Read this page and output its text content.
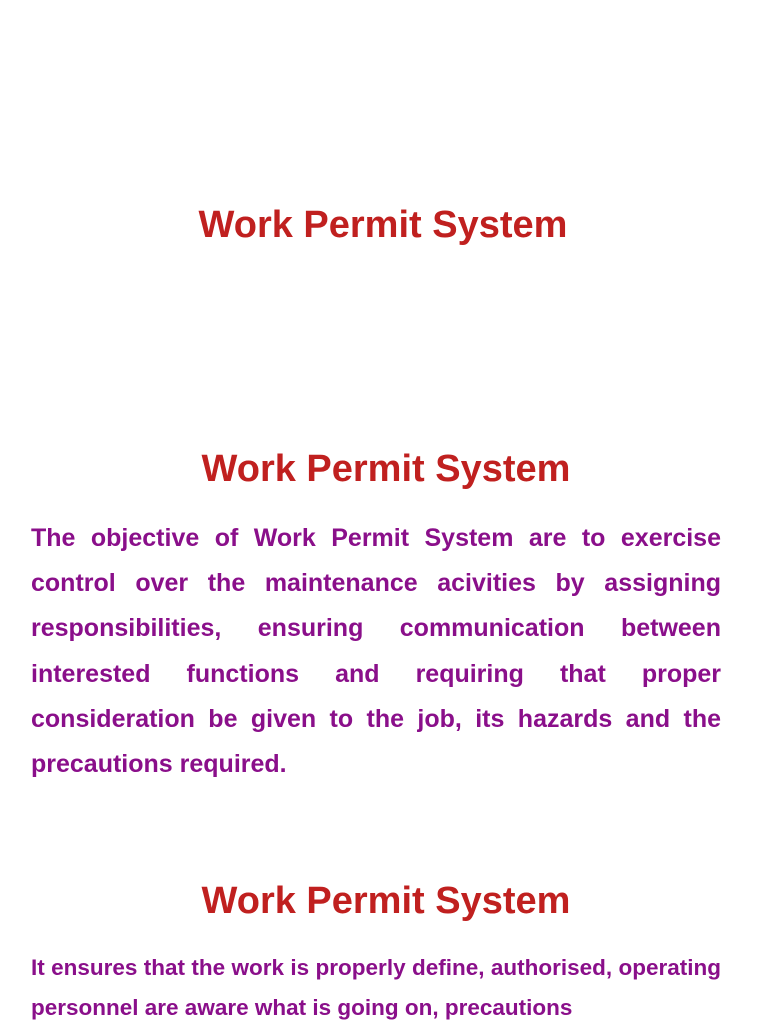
Work Permit System
Work Permit System

The objective of Work Permit System are to exercise control over the maintenance acivities by assigning responsibilities, ensuring communication between interested functions and requiring that proper consideration be given to the job, its hazards and the precautions required.

Work Permit System

It ensures that the work is properly define, authorised, operating personnel are aware what is going on, precautions
